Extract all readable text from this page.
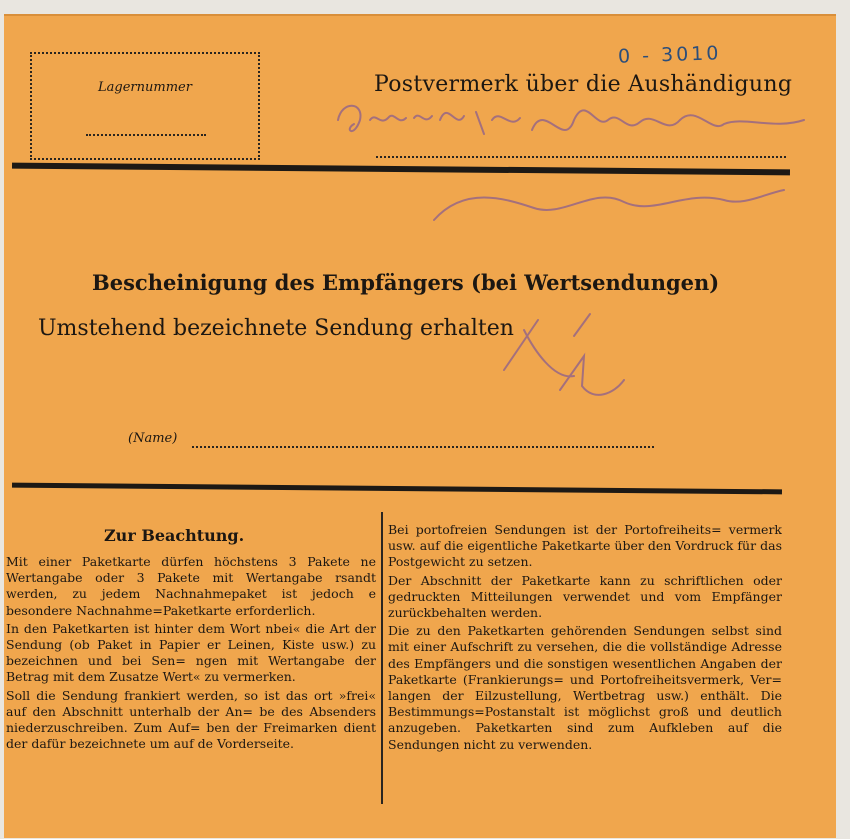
Lagernummer
0 - 3010
Postvermerk über die Aushändigung
Bescheinigung des Empfängers (bei Wertsendungen)
Umstehend bezeichnete Sendung erhalten
(Name)
Zur Beachtung.

Mit einer Paketkarte dürfen höchstens 3 Pakete ne Wertangabe oder 3 Pakete mit Wertangabe rsandt werden, zu jedem Nachnahmepaket ist jedoch e besondere Nachnahme=Paketkarte erforderlich.

In den Paketkarten ist hinter dem Wort nbei« die Art der Sendung (ob Paket in Papier er Leinen, Kiste usw.) zu bezeichnen und bei Sen= ngen mit Wertangabe der Betrag mit dem Zusatze Wert« zu vermerken.

Soll die Sendung frankiert werden, so ist das ort »frei« auf den Abschnitt unterhalb der An= be des Absenders niederzuschreiben. Zum Auf= ben der Freimarken dient der dafür bezeichnete um auf de Vorderseite.

Bei portofreien Sendungen ist der Portofreiheits= vermerk usw. auf die eigentliche Paketkarte über den Vordruck für das Postgewicht zu setzen.

Der Abschnitt der Paketkarte kann zu schriftlichen oder gedruckten Mitteilungen verwendet und vom Empfänger zurückbehalten werden.

Die zu den Paketkarten gehörenden Sendungen selbst sind mit einer Aufschrift zu versehen, die die vollständige Adresse des Empfängers und die sonstigen wesentlichen Angaben der Paketkarte (Frankierungs= und Portofreiheitsvermerk, Ver= langen der Eilzustellung, Wertbetrag usw.) enthält. Die Bestimmungs=Postanstalt ist möglichst groß und deutlich anzugeben. Paketkarten sind zum Aufkleben auf die Sendungen nicht zu verwenden.
